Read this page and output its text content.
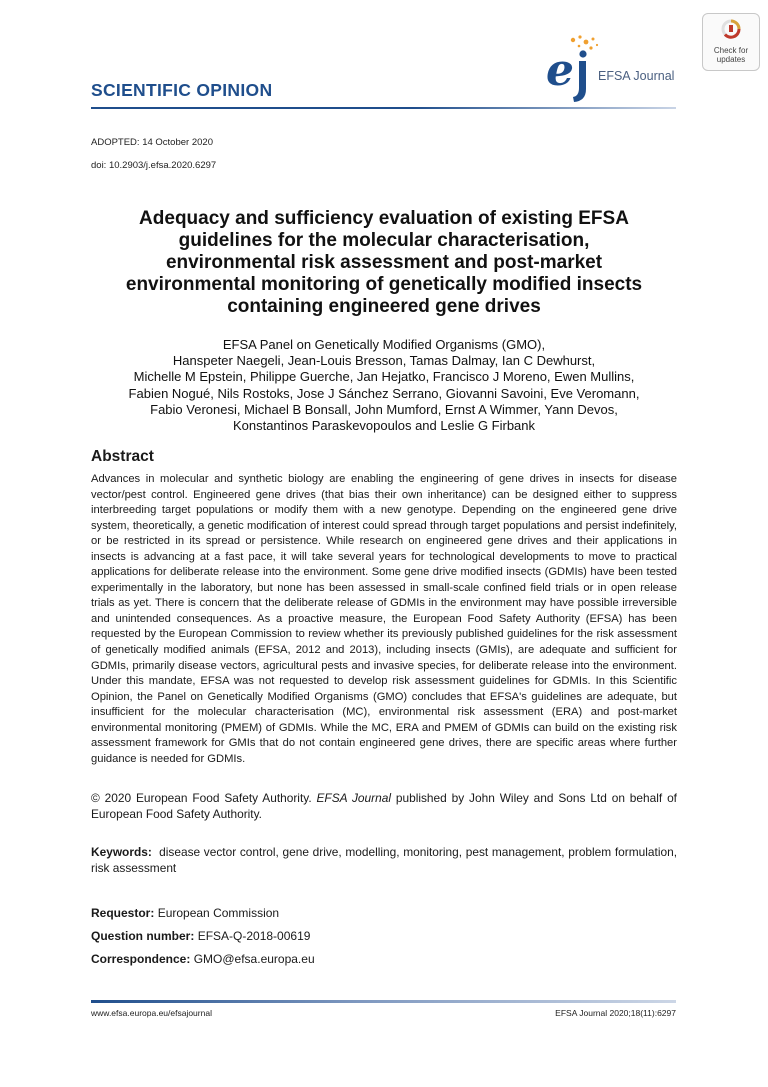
SCIENTIFIC OPINION	e EFSA Journal
Check for
updates
ADOPTED: 14 October 2020
doi: 10.2903/j.efsa.2020.6297
Adequacy and sufficiency evaluation of existing EFSA
guidelines for the molecular characterisation,
environmental risk assessment and post-market
environmental monitoring of genetically modified insects
containing engineered gene drives
EFSA Panel on Genetically Modified Organisms (GMO),
Hanspeter Naegeli, Jean-Louis Bresson, Tamas Dalmay, Ian C Dewhurst,
Michelle M Epstein, Philippe Guerche, Jan Hejatko, Francisco J Moreno, Ewen Mullins,
Fabien Nogué, Nils Rostoks, Jose J Sánchez Serrano, Giovanni Savoini, Eve Veromann,
Fabio Veronesi, Michael B Bonsall, John Mumford, Ernst A Wimmer, Yann Devos,
Konstantinos Paraskevopoulos and Leslie G Firbank
Abstract
Advances in molecular and synthetic biology are enabling the engineering of gene drives in insects for disease vector/pest control. Engineered gene drives (that bias their own inheritance) can be designed either to suppress interbreeding target populations or modify them with a new genotype. Depending on the engineered gene drive system, theoretically, a genetic modification of interest could spread through target populations and persist indefinitely, or be restricted in its spread or persistence. While research on engineered gene drives and their applications in insects is advancing at a fast pace, it will take several years for technological developments to move to practical applications for deliberate release into the environment. Some gene drive modified insects (GDMIs) have been tested experimentally in the laboratory, but none has been assessed in small-scale confined field trials or in open release trials as yet. There is concern that the deliberate release of GDMIs in the environment may have possible irreversible and unintended consequences. As a proactive measure, the European Food Safety Authority (EFSA) has been requested by the European Commission to review whether its previously published guidelines for the risk assessment of genetically modified animals (EFSA, 2012 and 2013), including insects (GMIs), are adequate and sufficient for GDMIs, primarily disease vectors, agricultural pests and invasive species, for deliberate release into the environment. Under this mandate, EFSA was not requested to develop risk assessment guidelines for GDMIs. In this Scientific Opinion, the Panel on Genetically Modified Organisms (GMO) concludes that EFSA's guidelines are adequate, but insufficient for the molecular characterisation (MC), environmental risk assessment (ERA) and post-market environmental monitoring (PMEM) of GDMIs. While the MC, ERA and PMEM of GDMIs can build on the existing risk assessment framework for GMIs that do not contain engineered gene drives, there are specific areas where further guidance is needed for GDMIs.
© 2020 European Food Safety Authority. EFSA Journal published by John Wiley and Sons Ltd on behalf of European Food Safety Authority.
Keywords: disease vector control, gene drive, modelling, monitoring, pest management, problem formulation, risk assessment
Requestor: European Commission
Question number: EFSA-Q-2018-00619
Correspondence: GMO@efsa.europa.eu
www.efsa.europa.eu/efsajournal	EFSA Journal 2020;18(11):6297
